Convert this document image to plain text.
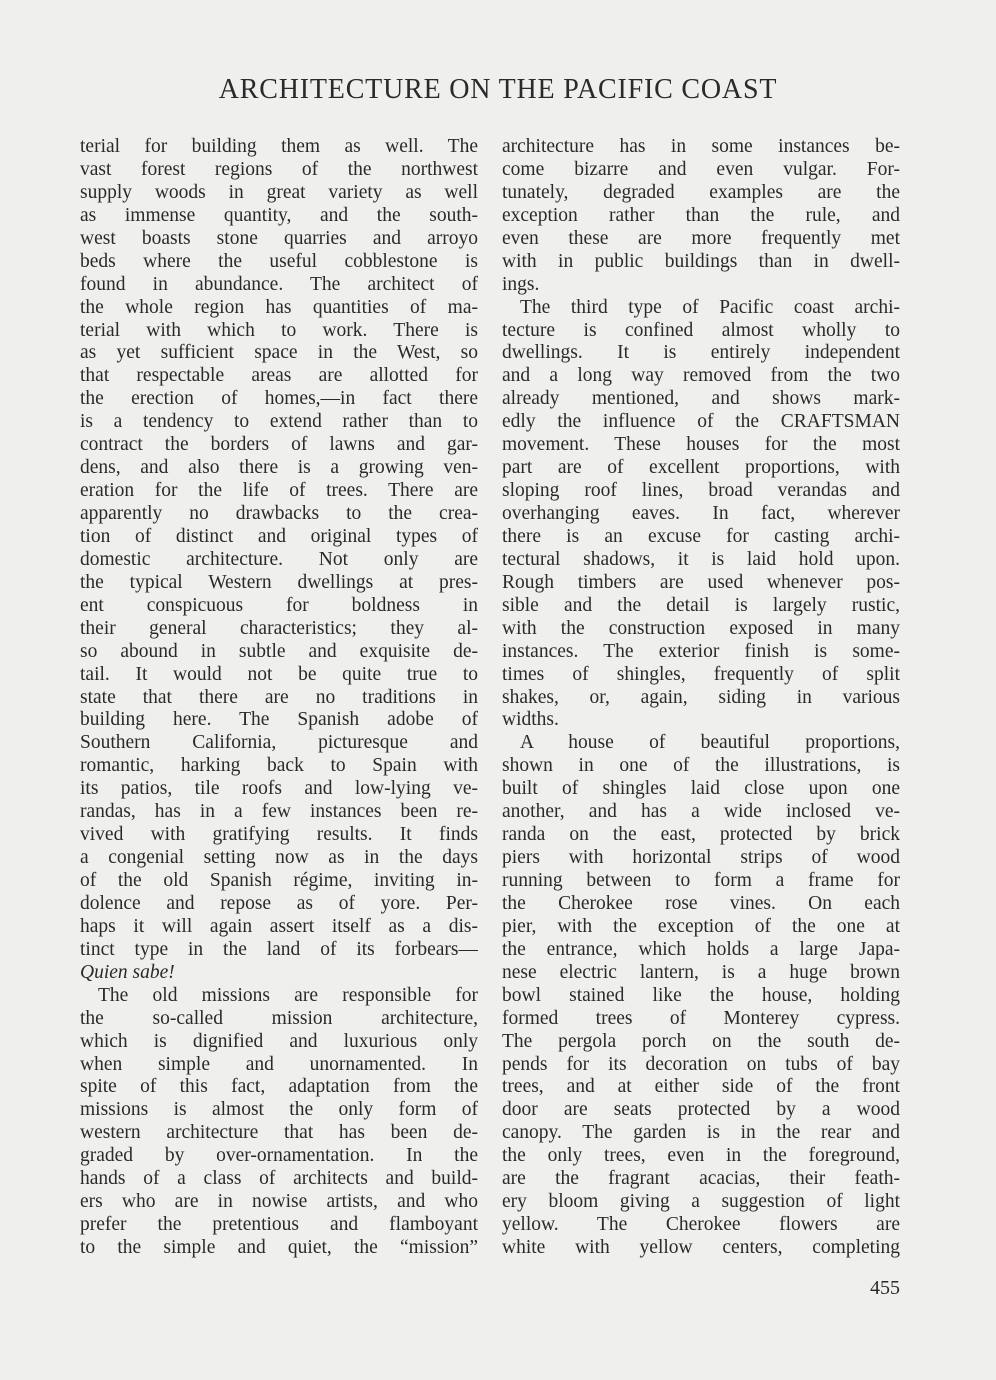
ARCHITECTURE ON THE PACIFIC COAST
terial for building them as well. The
vast forest regions of the northwest
supply woods in great variety as well
as immense quantity, and the south-
west boasts stone quarries and arroyo
beds where the useful cobblestone is
found in abundance. The architect of
the whole region has quantities of ma-
terial with which to work. There is
as yet sufficient space in the West, so
that respectable areas are allotted for
the erection of homes,—in fact there
is a tendency to extend rather than to
contract the borders of lawns and gar-
dens, and also there is a growing ven-
eration for the life of trees. There are
apparently no drawbacks to the crea-
tion of distinct and original types of
domestic architecture. Not only are
the typical Western dwellings at pres-
ent conspicuous for boldness in
their general characteristics; they al-
so abound in subtle and exquisite de-
tail. It would not be quite true to
state that there are no traditions in
building here. The Spanish adobe of
Southern California, picturesque and
romantic, harking back to Spain with
its patios, tile roofs and low-lying ve-
randas, has in a few instances been re-
vived with gratifying results. It finds
a congenial setting now as in the days
of the old Spanish régime, inviting in-
dolence and repose as of yore. Per-
haps it will again assert itself as a dis-
tinct type in the land of its forbears—
Quien sabe!
The old missions are responsible for
the so-called mission architecture,
which is dignified and luxurious only
when simple and unornamented. In
spite of this fact, adaptation from the
missions is almost the only form of
western architecture that has been de-
graded by over-ornamentation. In the
hands of a class of architects and build-
ers who are in nowise artists, and who
prefer the pretentious and flamboyant
to the simple and quiet, the “mission”
architecture has in some instances be-
come bizarre and even vulgar. For-
tunately, degraded examples are the
exception rather than the rule, and
even these are more frequently met
with in public buildings than in dwell-
ings.
The third type of Pacific coast archi-
tecture is confined almost wholly to
dwellings. It is entirely independent
and a long way removed from the two
already mentioned, and shows mark-
edly the influence of the CRAFTSMAN
movement. These houses for the most
part are of excellent proportions, with
sloping roof lines, broad verandas and
overhanging eaves. In fact, wherever
there is an excuse for casting archi-
tectural shadows, it is laid hold upon.
Rough timbers are used whenever pos-
sible and the detail is largely rustic,
with the construction exposed in many
instances. The exterior finish is some-
times of shingles, frequently of split
shakes, or, again, siding in various
widths.
A house of beautiful proportions,
shown in one of the illustrations, is
built of shingles laid close upon one
another, and has a wide inclosed ve-
randa on the east, protected by brick
piers with horizontal strips of wood
running between to form a frame for
the Cherokee rose vines. On each
pier, with the exception of the one at
the entrance, which holds a large Japa-
nese electric lantern, is a huge brown
bowl stained like the house, holding
formed trees of Monterey cypress.
The pergola porch on the south de-
pends for its decoration on tubs of bay
trees, and at either side of the front
door are seats protected by a wood
canopy. The garden is in the rear and
the only trees, even in the foreground,
are the fragrant acacias, their feath-
ery bloom giving a suggestion of light
yellow. The Cherokee flowers are
white with yellow centers, completing
455
